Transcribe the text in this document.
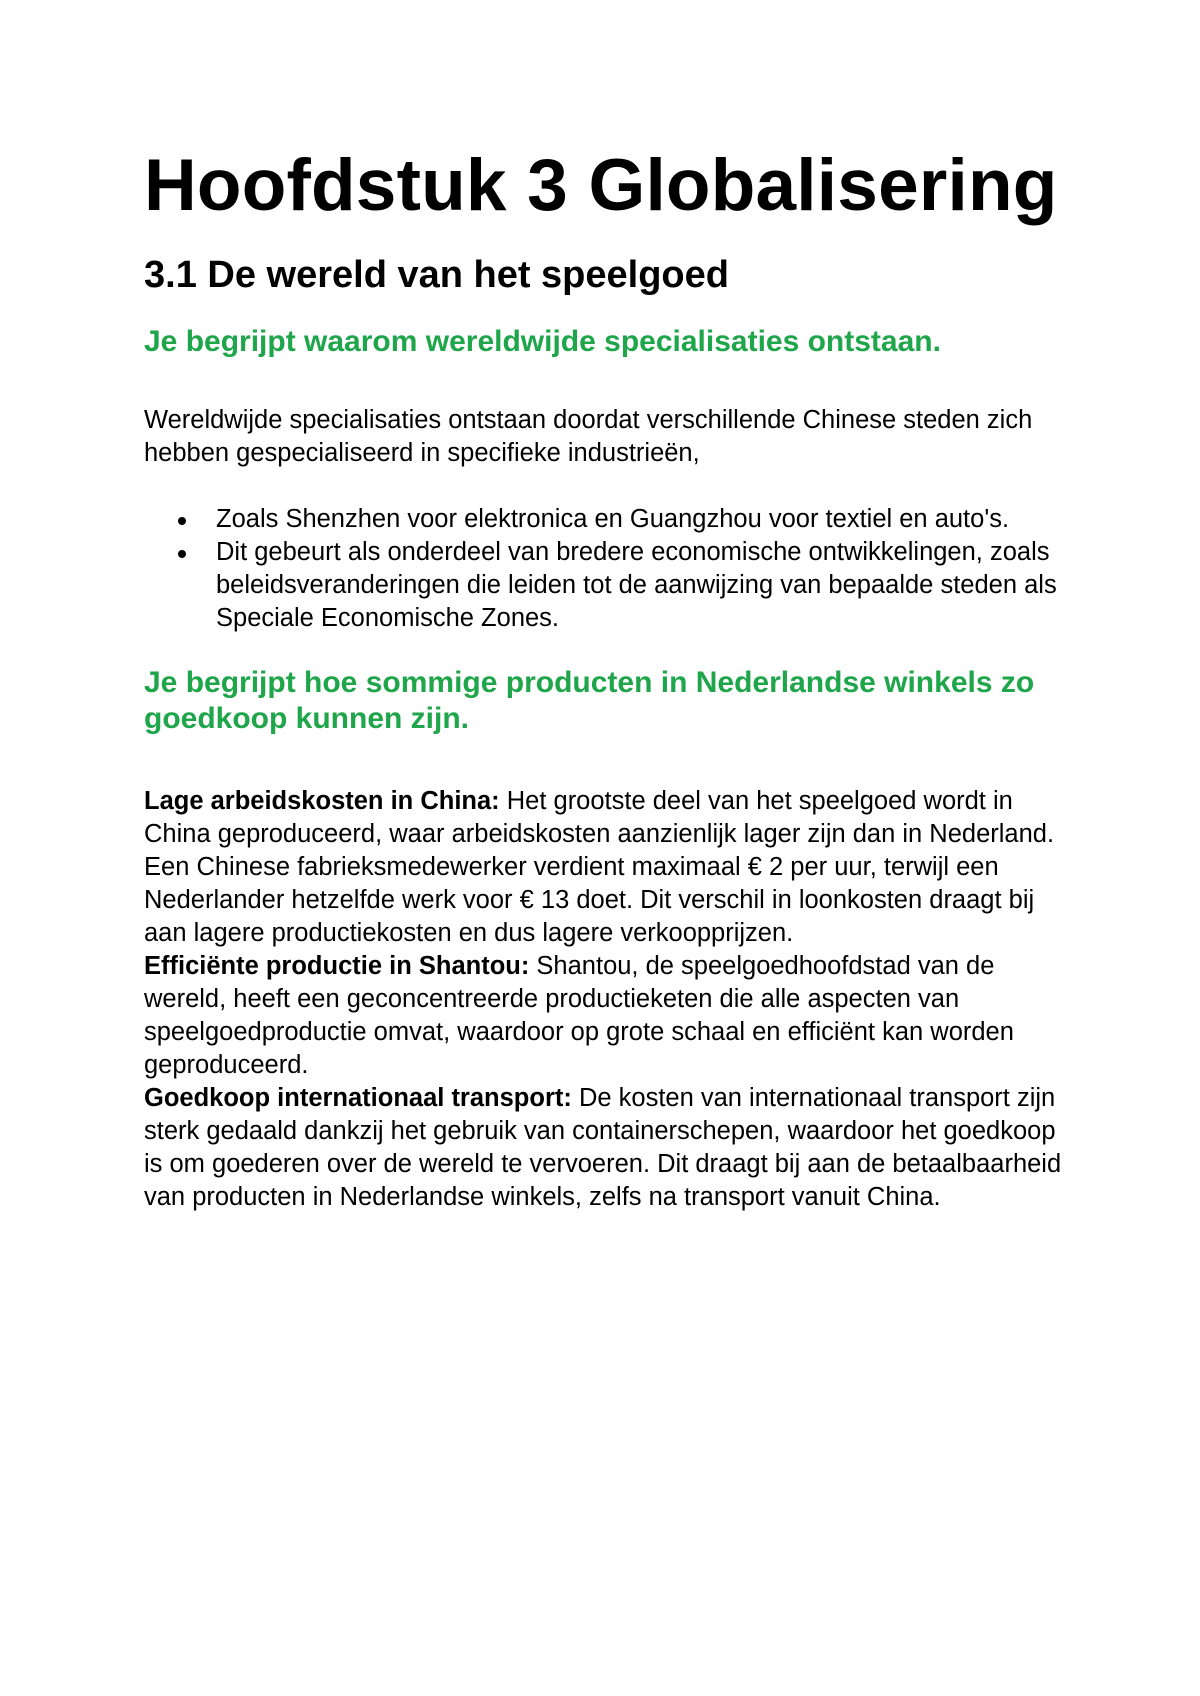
Hoofdstuk 3 Globalisering
3.1 De wereld van het speelgoed
Je begrijpt waarom wereldwijde specialisaties ontstaan.

Wereldwijde specialisaties ontstaan doordat verschillende Chinese steden zich hebben gespecialiseerd in specifieke industrieën,

Zoals Shenzhen voor elektronica en Guangzhou voor textiel en auto's.
Dit gebeurt als onderdeel van bredere economische ontwikkelingen, zoals beleidsveranderingen die leiden tot de aanwijzing van bepaalde steden als Speciale Economische Zones.
Je begrijpt hoe sommige producten in Nederlandse winkels zo goedkoop kunnen zijn.

Lage arbeidskosten in China: Het grootste deel van het speelgoed wordt in China geproduceerd, waar arbeidskosten aanzienlijk lager zijn dan in Nederland. Een Chinese fabrieksmedewerker verdient maximaal € 2 per uur, terwijl een Nederlander hetzelfde werk voor € 13 doet. Dit verschil in loonkosten draagt bij aan lagere productiekosten en dus lagere verkoopprijzen.

Efficiënte productie in Shantou: Shantou, de speelgoedhoofdstad van de wereld, heeft een geconcentreerde productieketen die alle aspecten van speelgoedproductie omvat, waardoor op grote schaal en efficiënt kan worden geproduceerd.

Goedkoop internationaal transport: De kosten van internationaal transport zijn sterk gedaald dankzij het gebruik van containerschepen, waardoor het goedkoop is om goederen over de wereld te vervoeren. Dit draagt bij aan de betaalbaarheid van producten in Nederlandse winkels, zelfs na transport vanuit China.
